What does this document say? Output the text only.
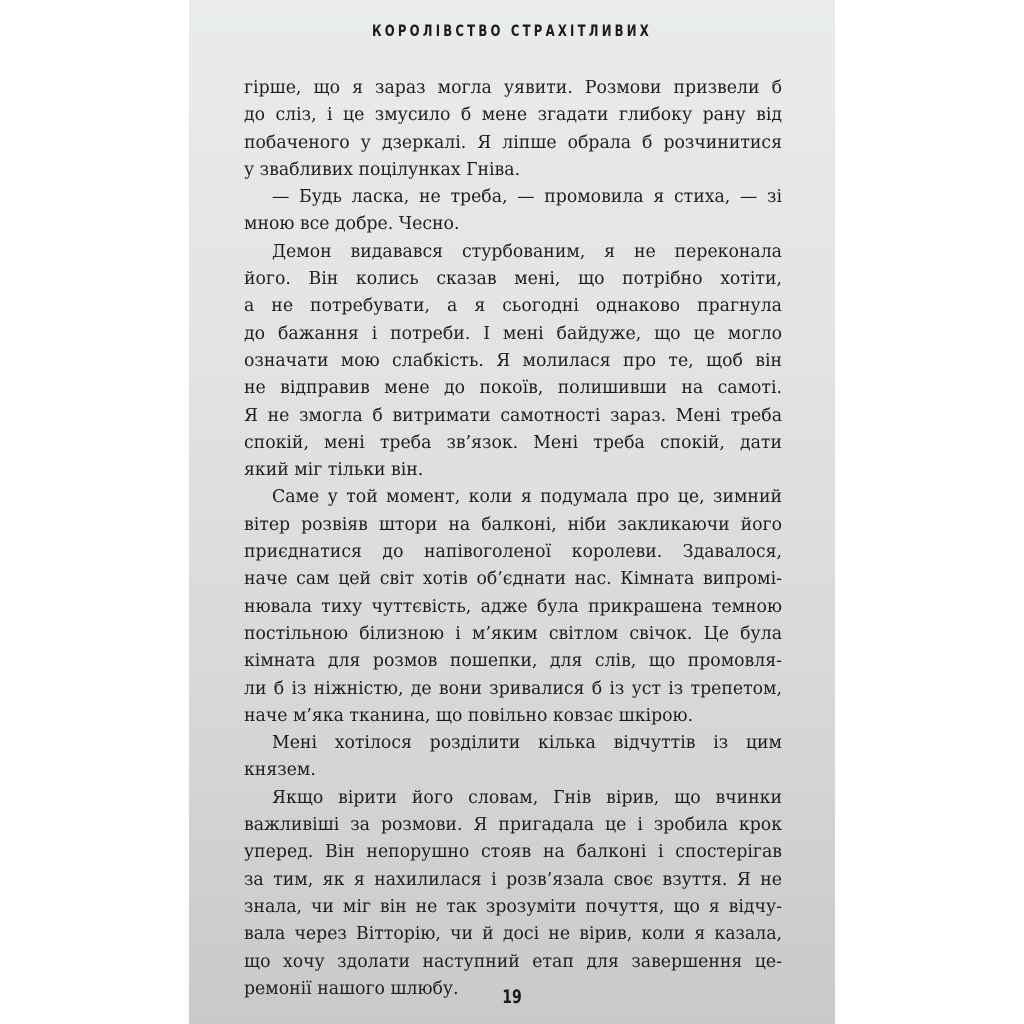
КОРОЛІВСТВО СТРАХІТЛИВИХ

гірше, що я зараз могла уявити. Розмови призвели б
до сліз, і це змусило б мене згадати глибоку рану від
побаченого у дзеркалі. Я ліпше обрала б розчинитися
у звабливих поцілунках Гніва.

— Будь ласка, не треба, — промовила я стиха, — зі
мною все добре. Чесно.

Демон видавався стурбованим, я не переконала
його. Він колись сказав мені, що потрібно хотіти,
а не потребувати, а я сьогодні однаково прагнула
до бажання і потреби. І мені байдуже, що це могло
означати мою слабкість. Я молилася про те, щоб він
не відправив мене до покоїв, полишивши на самоті.
Я не змогла б витримати самотності зараз. Мені треба
спокій, мені треба зв’язок. Мені треба спокій, дати
який міг тільки він.

Саме у той момент, коли я подумала про це, зимний
вітер розвіяв штори на балконі, ніби закликаючи його
приєднатися до напівоголеної королеви. Здавалося,
наче сам цей світ хотів об’єднати нас. Кімната випромі-
нювала тиху чуттєвість, адже була прикрашена темною
постільною білизною і м’яким світлом свічок. Це була
кімната для розмов пошепки, для слів, що промовля-
ли б із ніжністю, де вони зривалися б із уст із трепетом,
наче м’яка тканина, що повільно ковзає шкірою.

Мені хотілося розділити кілька відчуттів із цим
князем.

Якщо вірити його словам, Гнів вірив, що вчинки
важливіші за розмови. Я пригадала це і зробила крок
уперед. Він непорушно стояв на балконі і спостерігав
за тим, як я нахилилася і розв’язала своє взуття. Я не
знала, чи міг він не так зрозуміти почуття, що я відчу-
вала через Вітторію, чи й досі не вірив, коли я казала,
що хочу здолати наступний етап для завершення це-
ремонії нашого шлюбу.	19
